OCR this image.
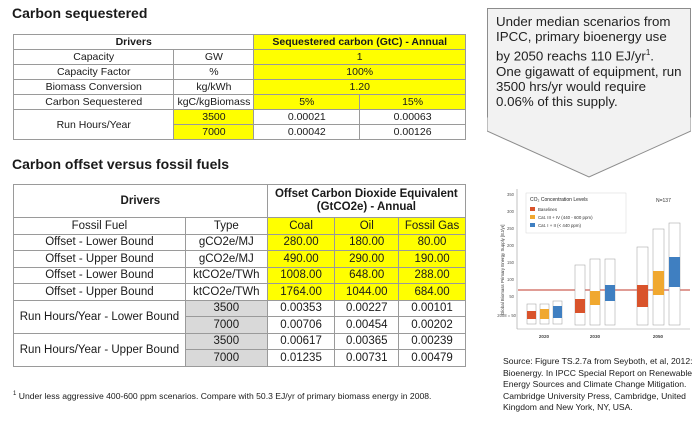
Carbon sequestered
Drivers		Sequestered carbon (GtC) - Annual	
Capacity	GW	1	
Capacity Factor	%	100%	
Biomass Conversion	kg/kWh	1.20	
Carbon Sequestered	kgC/kgBiomass	5%	15%
Run Hours/Year	3500	0.00021	0.00063
	7000	0.00042	0.00126
Carbon offset versus fossil fuels
Drivers		Offset Carbon Dioxide Equivalent (GtCO2e) - Annual		
Fossil Fuel	Type	Coal	Oil	Fossil Gas
Offset - Lower Bound	gCO2e/MJ	280.00	180.00	80.00
Offset - Upper Bound	gCO2e/MJ	490.00	290.00	190.00
Offset - Lower Bound	ktCO2e/TWh	1008.00	648.00	288.00
Offset - Upper Bound	ktCO2e/TWh	1764.00	1044.00	684.00
Run Hours/Year - Lower Bound	3500	0.00353	0.00227	0.00101
	7000	0.00706	0.00454	0.00202
Run Hours/Year - Upper Bound	3500	0.00617	0.00365	0.00239
	7000	0.01235	0.00731	0.00479
Under median scenarios from IPCC, primary bioenergy use by 2050 reachs 110 $EJ/yr^1$. One gigawatt of equipment, run 3500 hrs/yr would require 0.06% of this supply.
Global Biomass Primary Energy Supply [EJ/yr]
350
300
250
200
150
100
50
2008 = 50
CO₂ Concentration Levels	N=137
Baselines
Cat. III + IV (440 - 600 ppm)
Cat. I + II (< 440 ppm)
2020	2030	2050
Source: Figure TS.2.7a from Seyboth, et al, 2012: Bioenergy. In IPCC Special Report on Renewable Energy Sources and Climate Change Mitigation. Cambridge University Press, Cambridge, United Kingdom and New York, NY, USA.
$^1$ Under less aggressive 400-600 ppm scenarios. Compare with 50.3 EJ/yr of primary biomass energy in 2008.
